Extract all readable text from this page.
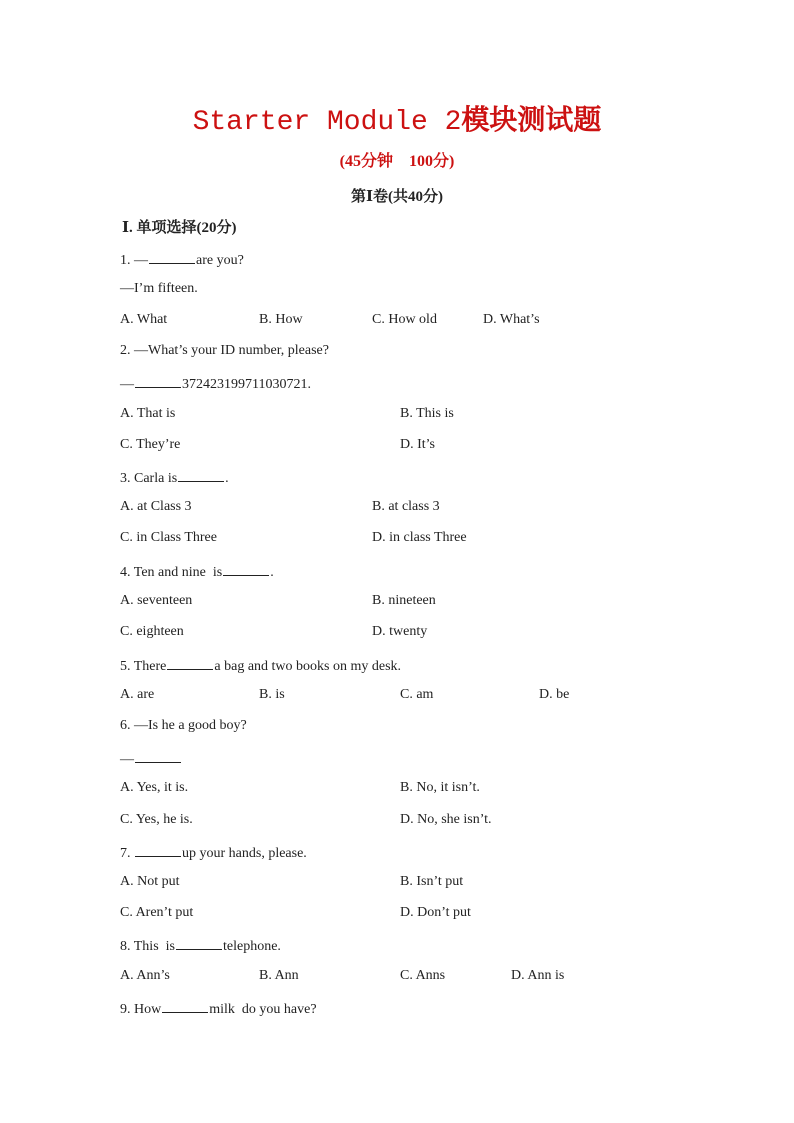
Starter Module 2模块测试题
(45分钟    100分)
第Ⅰ卷(共40分)
Ⅰ. 单项选择(20分)
1. —	are you?
—I’m fifteen.
A. What	B. How	C. How old	D. What’s
2. —What’s your ID number, please?
—	372423199711030721.
A. That is	B. This is
C. They’re	D. It’s
3. Carla is	.
A. at Class 3	B. at class 3
C. in Class Three	D. in class Three
4. Ten and nine  is	.
A. seventeen	B. nineteen
C. eighteen	D. twenty
5. There	a bag and two books on my desk.
A. are	B. is	C. am	D. be
6. —Is he a good boy?
—
A. Yes, it is.	B. No, it isn’t.
C. Yes, he is.	D. No, she isn’t.
7.	up your hands, please.
A. Not put	B. Isn’t put
C. Aren’t put	D. Don’t put
8. This  is	telephone.
A. Ann’s	B. Ann	C. Anns	D. Ann is
9. How	milk  do you have?
